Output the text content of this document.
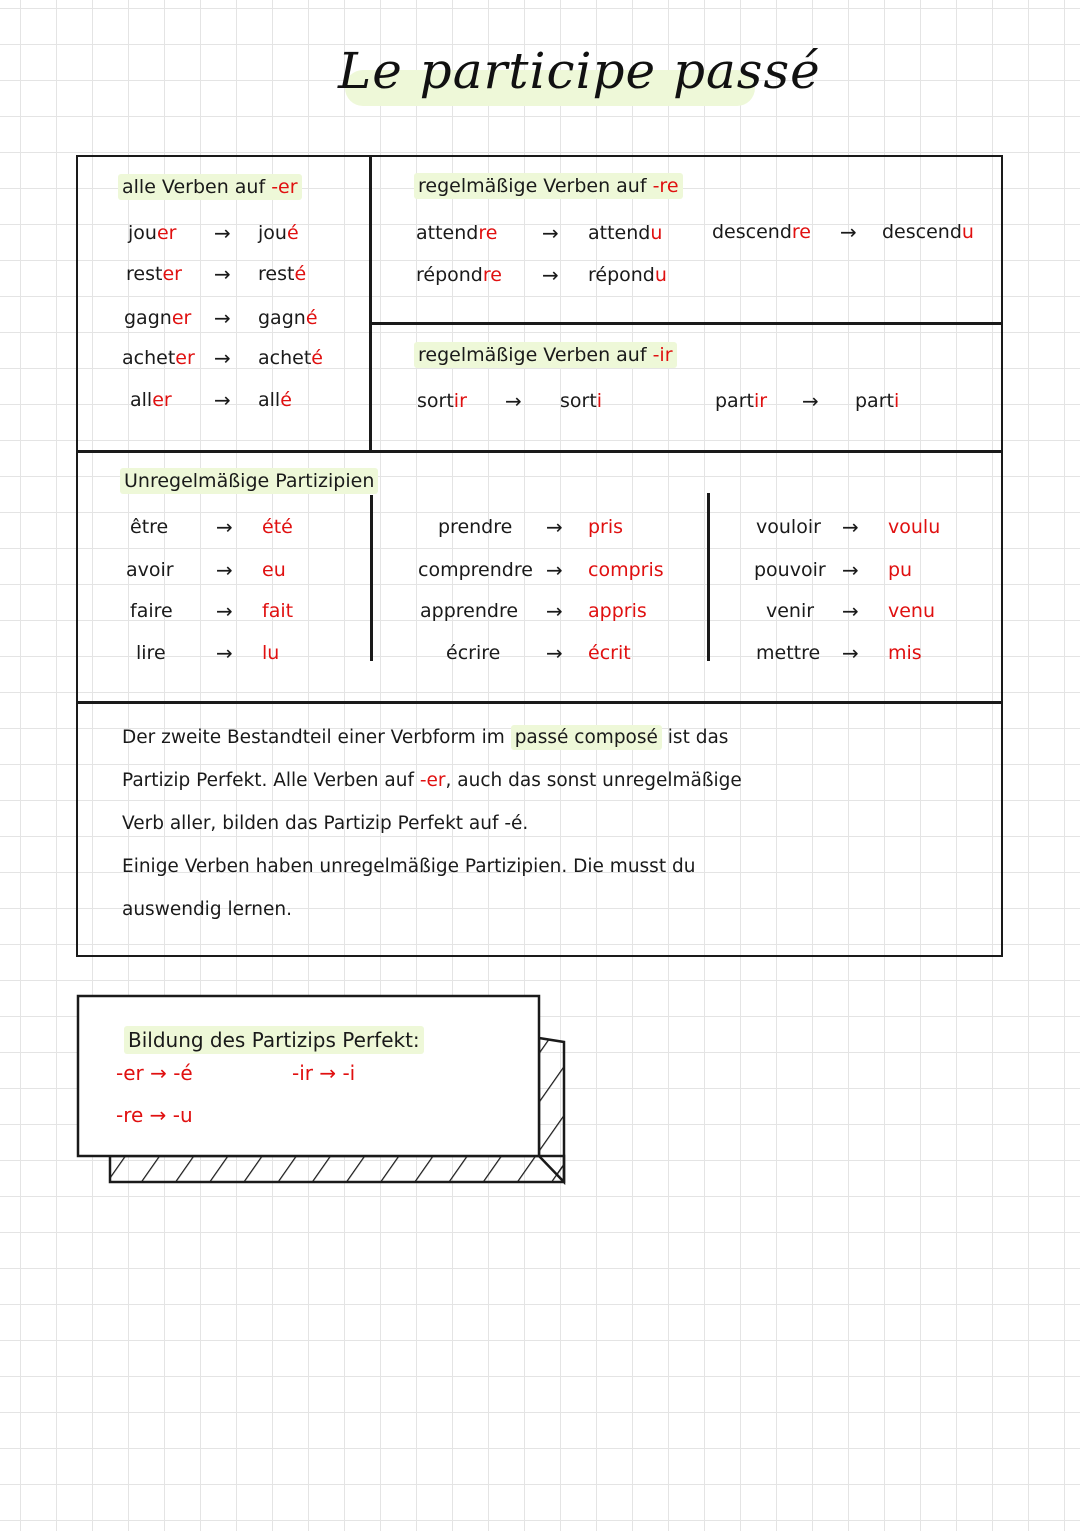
Le participe passé
alle Verben auf -er
jouer → joué
rester → resté
gagner → gagné
acheter → acheté
aller → allé
regelmäßige Verben auf -re
attendre → attendu
répondre → répondu
descendre → descendu
regelmäßige Verben auf -ir
sortir → sorti	partir → parti
Unregelmäßige Partizipien
être → été
avoir → eu
faire → fait
lire	→ lu
prendre → pris
comprendre → compris
apprendre → appris
écrire → écrit
vouloir → voulu
pouvoir → pu
venir → venu
mettre → mis
Der zweite Bestandteil einer Verbform im passé composé ist das
Partizip Perfekt. Alle Verben auf -er, auch das sonst unregelmäßige
Verb aller, bilden das Partizip Perfekt auf -é.
Einige Verben haben unregelmäßige Partizipien. Die musst du
auswendig lernen.
Bildung des Partizips Perfekt:
-er → -é	-ir → -i
-re → -u
